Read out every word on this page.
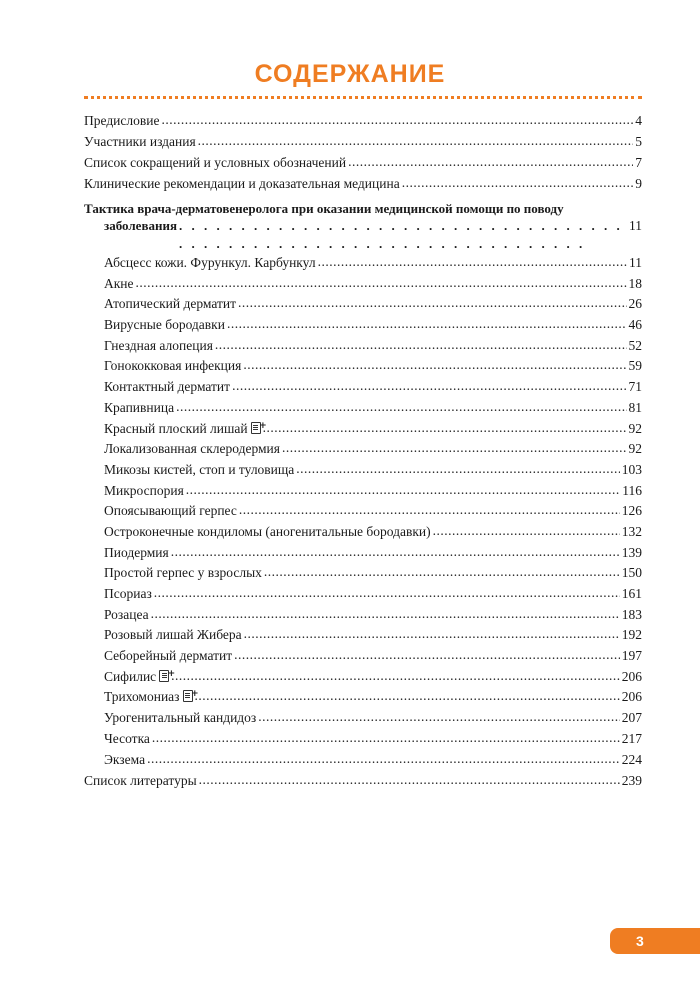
СОДЕРЖАНИЕ
Предисловие .....	4
Участники издания .....	5
Список сокращений и условных обозначений .....	7
Клинические рекомендации и доказательная медицина .....	9
Тактика врача-дерматовенеролога при оказании медицинской помощи по поводу
заболевания . . .	11
Абсцесс кожи. Фурункул. Карбункул .....	11
Акне .....	18
Атопический дерматит .....	26
Вирусные бородавки .....	46
Гнездная алопеция .....	52
Гонококковая инфекция .....	59
Контактный дерматит .....	71
Крапивница .....	81
Красный плоский лишай + .....	92
Локализованная склеродермия .....	92
Микозы кистей, стоп и туловища .....	103
Микроспория .....	116
Опоясывающий герпес .....	126
Остроконечные кондиломы (аногенитальные бородавки) .....	132
Пиодермия .....	139
Простой герпес у взрослых .....	150
Псориаз .....	161
Розацеа .....	183
Розовый лишай Жибера .....	192
Себорейный дерматит .....	197
Сифилис + .....	206
Трихомониаз + .....	206
Урогенитальный кандидоз .....	207
Чесотка .....	217
Экзема .....	224
Список литературы .....	239
3
